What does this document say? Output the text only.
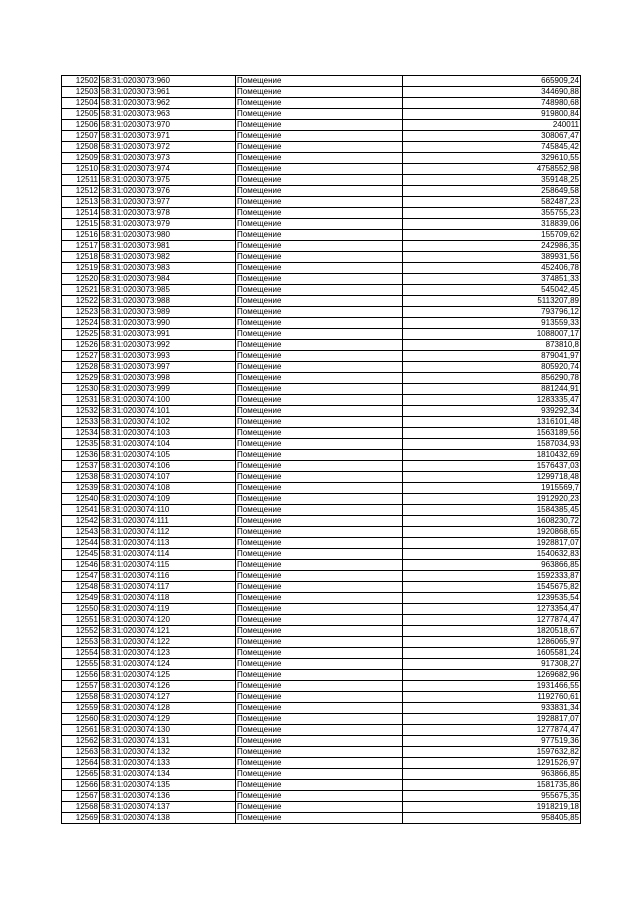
12502	58:31:0203073:960	Помещение	665909,24
12503	58:31:0203073:961	Помещение	344690,88
12504	58:31:0203073:962	Помещение	748980,68
12505	58:31:0203073:963	Помещение	919800,84
12506	58:31:0203073:970	Помещение	240011
12507	58:31:0203073:971	Помещение	308067,47
12508	58:31:0203073:972	Помещение	745845,42
12509	58:31:0203073:973	Помещение	329610,55
12510	58:31:0203073:974	Помещение	4758552,98
12511	58:31:0203073:975	Помещение	359148,25
12512	58:31:0203073:976	Помещение	258649,58
12513	58:31:0203073:977	Помещение	582487,23
12514	58:31:0203073:978	Помещение	355755,23
12515	58:31:0203073:979	Помещение	318839,06
12516	58:31:0203073:980	Помещение	155709,62
12517	58:31:0203073:981	Помещение	242986,35
12518	58:31:0203073:982	Помещение	389931,56
12519	58:31:0203073:983	Помещение	452406,78
12520	58:31:0203073:984	Помещение	374851,33
12521	58:31:0203073:985	Помещение	545042,45
12522	58:31:0203073:988	Помещение	5113207,89
12523	58:31:0203073:989	Помещение	793796,12
12524	58:31:0203073:990	Помещение	913559,33
12525	58:31:0203073:991	Помещение	1088007,17
12526	58:31:0203073:992	Помещение	873810,8
12527	58:31:0203073:993	Помещение	879041,97
12528	58:31:0203073:997	Помещение	805920,74
12529	58:31:0203073:998	Помещение	856290,78
12530	58:31:0203073:999	Помещение	881244,91
12531	58:31:0203074:100	Помещение	1283335,47
12532	58:31:0203074:101	Помещение	939292,34
12533	58:31:0203074:102	Помещение	1316101,48
12534	58:31:0203074:103	Помещение	1563189,56
12535	58:31:0203074:104	Помещение	1587034,93
12536	58:31:0203074:105	Помещение	1810432,69
12537	58:31:0203074:106	Помещение	1576437,03
12538	58:31:0203074:107	Помещение	1299718,48
12539	58:31:0203074:108	Помещение	1915569,7
12540	58:31:0203074:109	Помещение	1912920,23
12541	58:31:0203074:110	Помещение	1584385,45
12542	58:31:0203074:111	Помещение	1608230,72
12543	58:31:0203074:112	Помещение	1920868,65
12544	58:31:0203074:113	Помещение	1928817,07
12545	58:31:0203074:114	Помещение	1540632,83
12546	58:31:0203074:115	Помещение	963866,85
12547	58:31:0203074:116	Помещение	1592333,87
12548	58:31:0203074:117	Помещение	1545675,82
12549	58:31:0203074:118	Помещение	1239535,54
12550	58:31:0203074:119	Помещение	1273354,47
12551	58:31:0203074:120	Помещение	1277874,47
12552	58:31:0203074:121	Помещение	1820518,67
12553	58:31:0203074:122	Помещение	1286065,97
12554	58:31:0203074:123	Помещение	1605581,24
12555	58:31:0203074:124	Помещение	917308,27
12556	58:31:0203074:125	Помещение	1269682,96
12557	58:31:0203074:126	Помещение	1931466,55
12558	58:31:0203074:127	Помещение	1192760,61
12559	58:31:0203074:128	Помещение	933831,34
12560	58:31:0203074:129	Помещение	1928817,07
12561	58:31:0203074:130	Помещение	1277874,47
12562	58:31:0203074:131	Помещение	977519,36
12563	58:31:0203074:132	Помещение	1597632,82
12564	58:31:0203074:133	Помещение	1291526,97
12565	58:31:0203074:134	Помещение	963866,85
12566	58:31:0203074:135	Помещение	1581735,86
12567	58:31:0203074:136	Помещение	955675,35
12568	58:31:0203074:137	Помещение	1918219,18
12569	58:31:0203074:138	Помещение	958405,85
